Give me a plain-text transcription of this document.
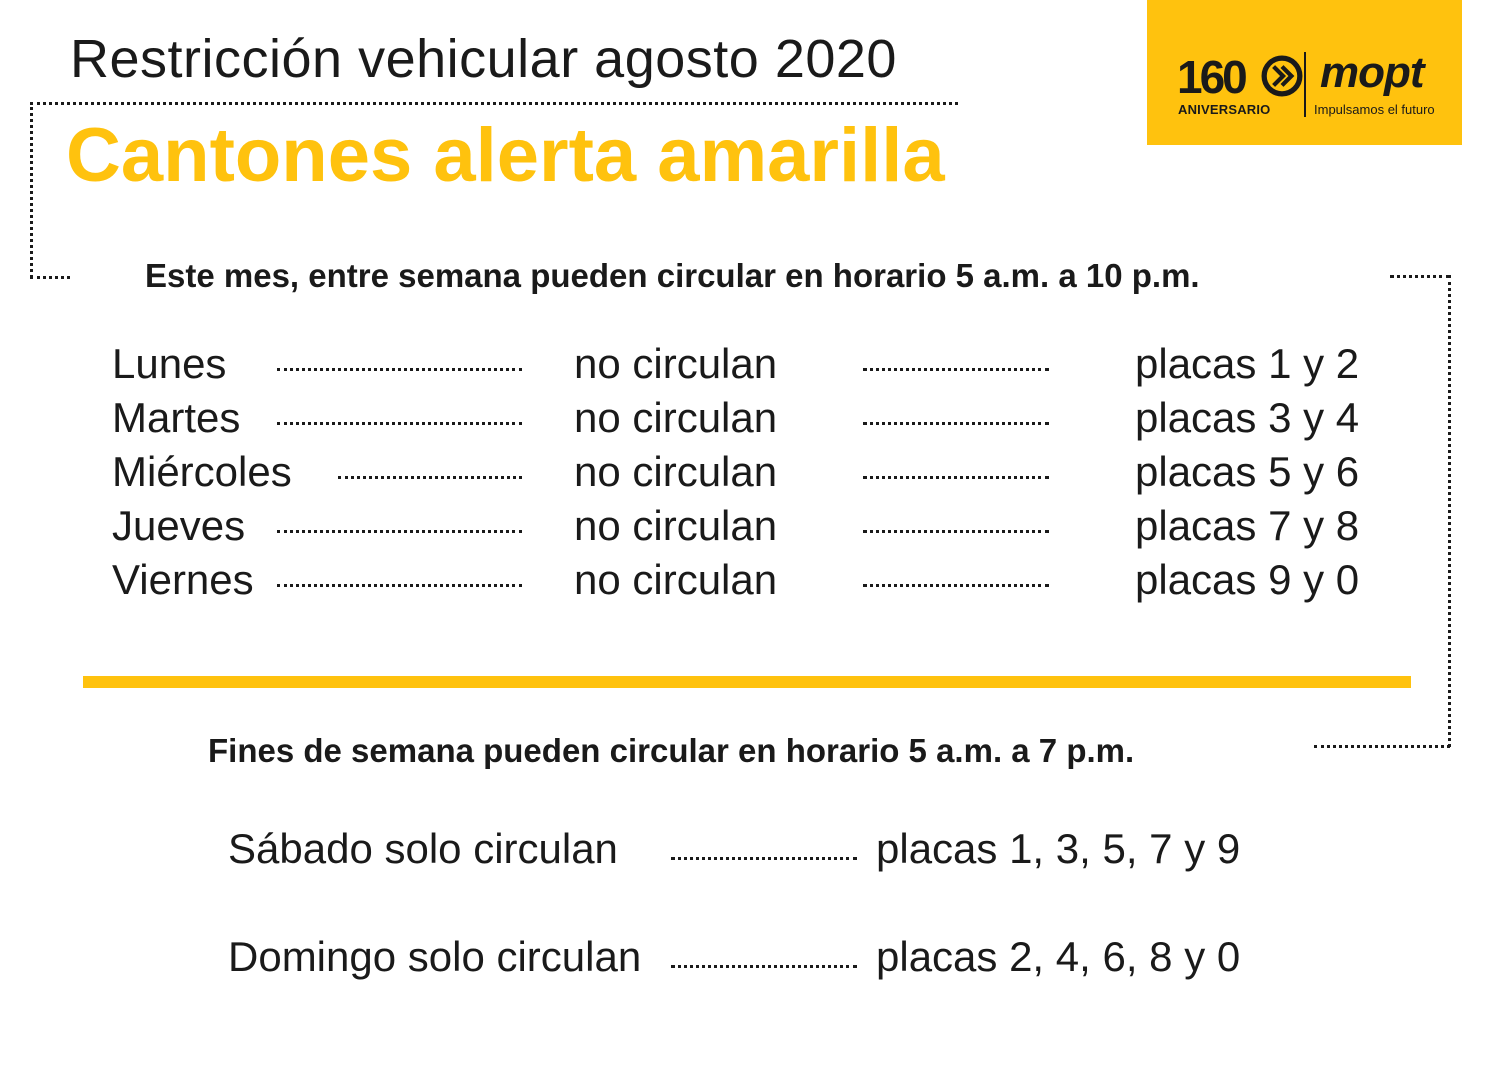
Restricción vehicular agosto 2020
Cantones alerta amarilla
160
ANIVERSARIO
mopt
Impulsamos el futuro
Este mes, entre semana pueden circular en horario 5 a.m. a 10 p.m.
Lunes	no circulan	placas 1 y 2
Martes	no circulan	placas 3 y 4
Miércoles	no circulan	placas 5 y 6
Jueves	no circulan	placas 7 y 8
Viernes	no circulan	placas 9 y 0
Fines de semana pueden circular en horario 5 a.m. a 7 p.m.
Sábado solo circulan	placas 1, 3, 5, 7 y 9
Domingo solo circulan	placas 2, 4, 6, 8 y 0
